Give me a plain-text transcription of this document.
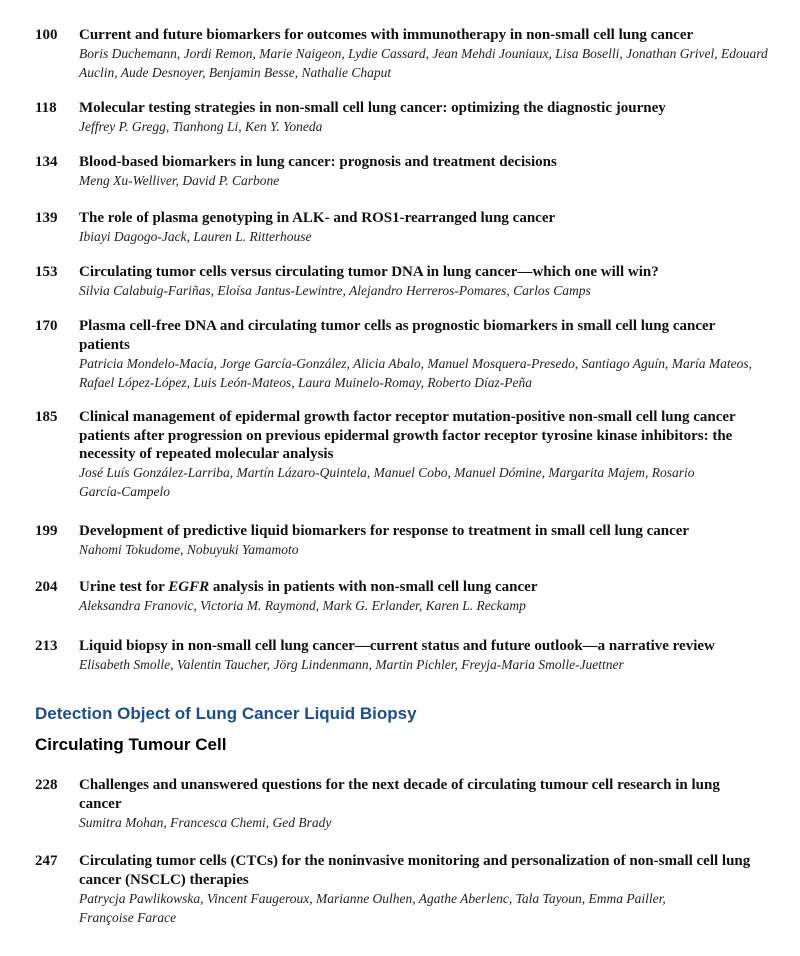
100 Current and future biomarkers for outcomes with immunotherapy in non-small cell lung cancer
Boris Duchemann, Jordi Remon, Marie Naigeon, Lydie Cassard, Jean Mehdi Jouniaux, Lisa Boselli, Jonathan Grivel, Edouard Auclin, Aude Desnoyer, Benjamin Besse, Nathalie Chaput
118 Molecular testing strategies in non-small cell lung cancer: optimizing the diagnostic journey
Jeffrey P. Gregg, Tianhong Li, Ken Y. Yoneda
134 Blood-based biomarkers in lung cancer: prognosis and treatment decisions
Meng Xu-Welliver, David P. Carbone
139 The role of plasma genotyping in ALK- and ROS1-rearranged lung cancer
Ibiayi Dagogo-Jack, Lauren L. Ritterhouse
153 Circulating tumor cells versus circulating tumor DNA in lung cancer—which one will win?
Silvia Calabuig-Fariñas, Eloísa Jantus-Lewintre, Alejandro Herreros-Pomares, Carlos Camps
170 Plasma cell-free DNA and circulating tumor cells as prognostic biomarkers in small cell lung cancer patients
Patricia Mondelo-Macía, Jorge García-González, Alicia Abalo, Manuel Mosquera-Presedo, Santiago Aguín, María Mateos, Rafael López-López, Luis León-Mateos, Laura Muinelo-Romay, Roberto Díaz-Peña
185 Clinical management of epidermal growth factor receptor mutation-positive non-small cell lung cancer patients after progression on previous epidermal growth factor receptor tyrosine kinase inhibitors: the necessity of repeated molecular analysis
José Luís González-Larriba, Martín Lázaro-Quintela, Manuel Cobo, Manuel Dómine, Margarita Majem, Rosario García-Campelo
199 Development of predictive liquid biomarkers for response to treatment in small cell lung cancer
Nahomi Tokudome, Nobuyuki Yamamoto
204 Urine test for EGFR analysis in patients with non-small cell lung cancer
Aleksandra Franovic, Victoria M. Raymond, Mark G. Erlander, Karen L. Reckamp
213 Liquid biopsy in non-small cell lung cancer—current status and future outlook—a narrative review
Elisabeth Smolle, Valentin Taucher, Jörg Lindenmann, Martin Pichler, Freyja-Maria Smolle-Juettner
Detection Object of Lung Cancer Liquid Biopsy
Circulating Tumour Cell
228 Challenges and unanswered questions for the next decade of circulating tumour cell research in lung cancer
Sumitra Mohan, Francesca Chemi, Ged Brady
247 Circulating tumor cells (CTCs) for the noninvasive monitoring and personalization of non-small cell lung cancer (NSCLC) therapies
Patrycja Pawlikowska, Vincent Faugeroux, Marianne Oulhen, Agathe Aberlenc, Tala Tayoun, Emma Pailler, Françoise Farace
